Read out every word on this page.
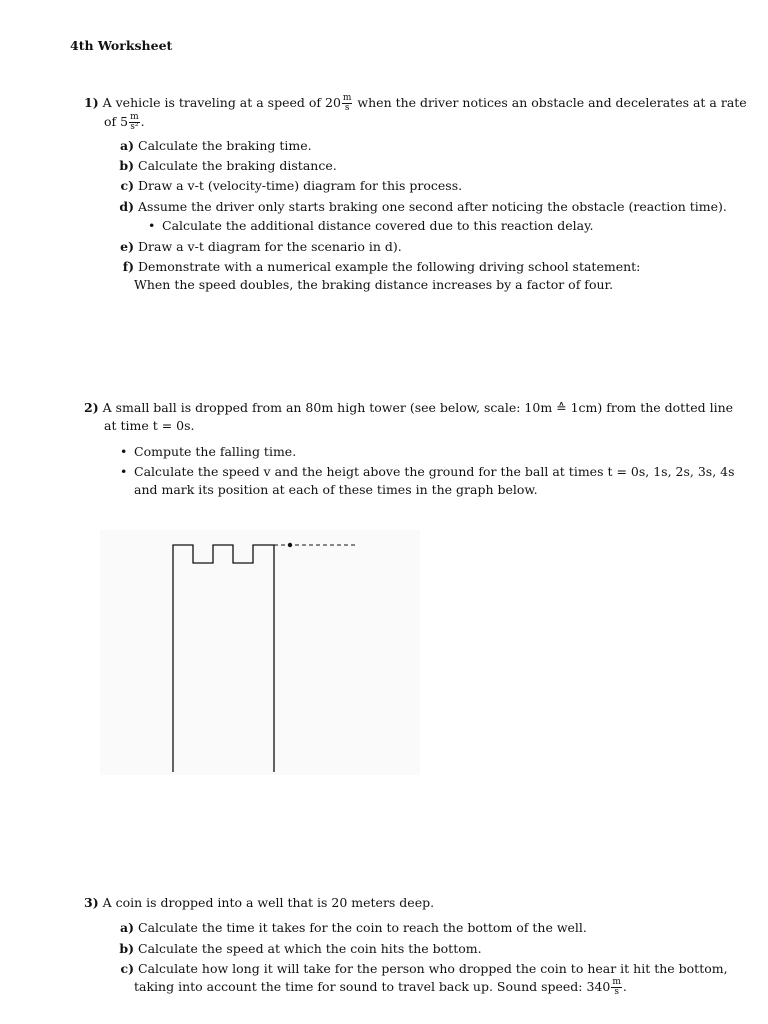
4th Worksheet
1) A vehicle is traveling at a speed of $20 \frac{m}{s}$ when the driver notices an obstacle and decelerates at a rate
of $5 \frac{m}{\text{s²}}$ .
a) Calculate the braking time.
b) Calculate the braking distance.
c) Draw a v-t (velocity-time) diagram for this process.
d) Assume the driver only starts braking one second after noticing the obstacle (reaction time).
• Calculate the additional distance covered due to this reaction delay.
e) Draw a v-t diagram for the scenario in d).
f) Demonstrate with a numerical example the following driving school statement:
When the speed doubles, the braking distance increases by a factor of four.
2) A small ball is dropped from an 80m high tower (see below, scale: 10m ≙ 1cm) from the dotted line
at time t = 0s.
• Compute the falling time.
• Calculate the speed v and the heigt above the ground for the ball at times t = 0s, 1s, 2s, 3s, 4s
and mark its position at each of these times in the graph below.
3) A coin is dropped into a well that is 20 meters deep.
a) Calculate the time it takes for the coin to reach the bottom of the well.
b) Calculate the speed at which the coin hits the bottom.
c) Calculate how long it will take for the person who dropped the coin to hear it hit the bottom,
taking into account the time for sound to travel back up. Sound speed: $340 \frac{m}{s}$ .
